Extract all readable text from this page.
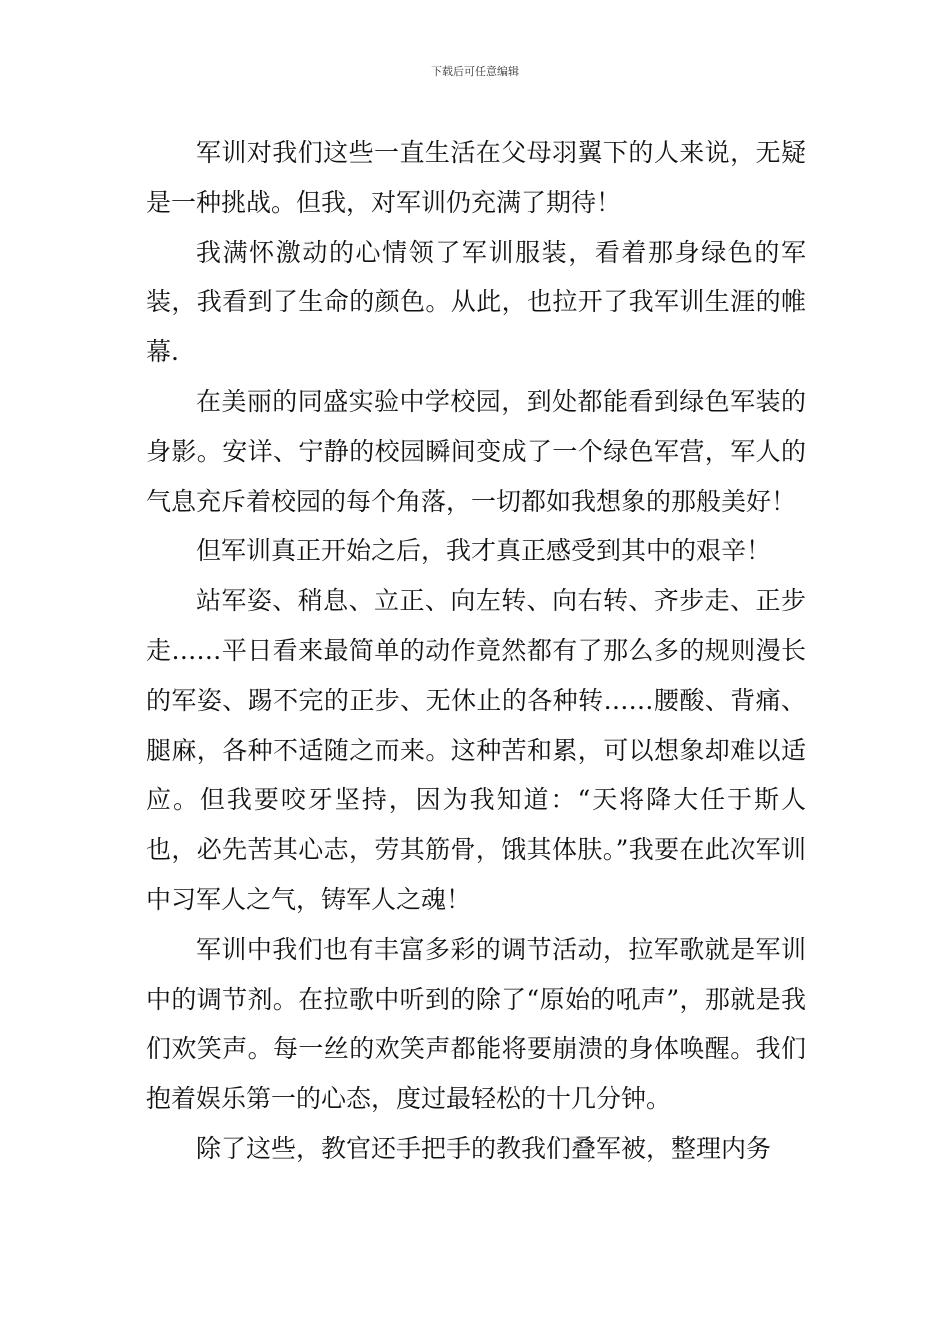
下载后可任意编辑

军训对我们这些一直生活在父母羽翼下的人来说，无疑是一种挑战。但我，对军训仍充满了期待！

我满怀激动的心情领了军训服装，看着那身绿色的军装，我看到了生命的颜色。从此，也拉开了我军训生涯的帷幕.

在美丽的同盛实验中学校园，到处都能看到绿色军装的身影。安详、宁静的校园瞬间变成了一个绿色军营，军人的气息充斥着校园的每个角落，一切都如我想象的那般美好！

但军训真正开始之后，我才真正感受到其中的艰辛！

站军姿、稍息、立正、向左转、向右转、齐步走、正步走……平日看来最简单的动作竟然都有了那么多的规则漫长的军姿、踢不完的正步、无休止的各种转……腰酸、背痛、腿麻，各种不适随之而来。这种苦和累，可以想象却难以适应。但我要咬牙坚持，因为我知道：“天将降大任于斯人也，必先苦其心志，劳其筋骨，饿其体肤。”我要在此次军训中习军人之气，铸军人之魂！

军训中我们也有丰富多彩的调节活动，拉军歌就是军训中的调节剂。在拉歌中听到的除了“原始的吼声”，那就是我们欢笑声。每一丝的欢笑声都能将要崩溃的身体唤醒。我们抱着娱乐第一的心态，度过最轻松的十几分钟。

除了这些，教官还手把手的教我们叠军被，整理内务
